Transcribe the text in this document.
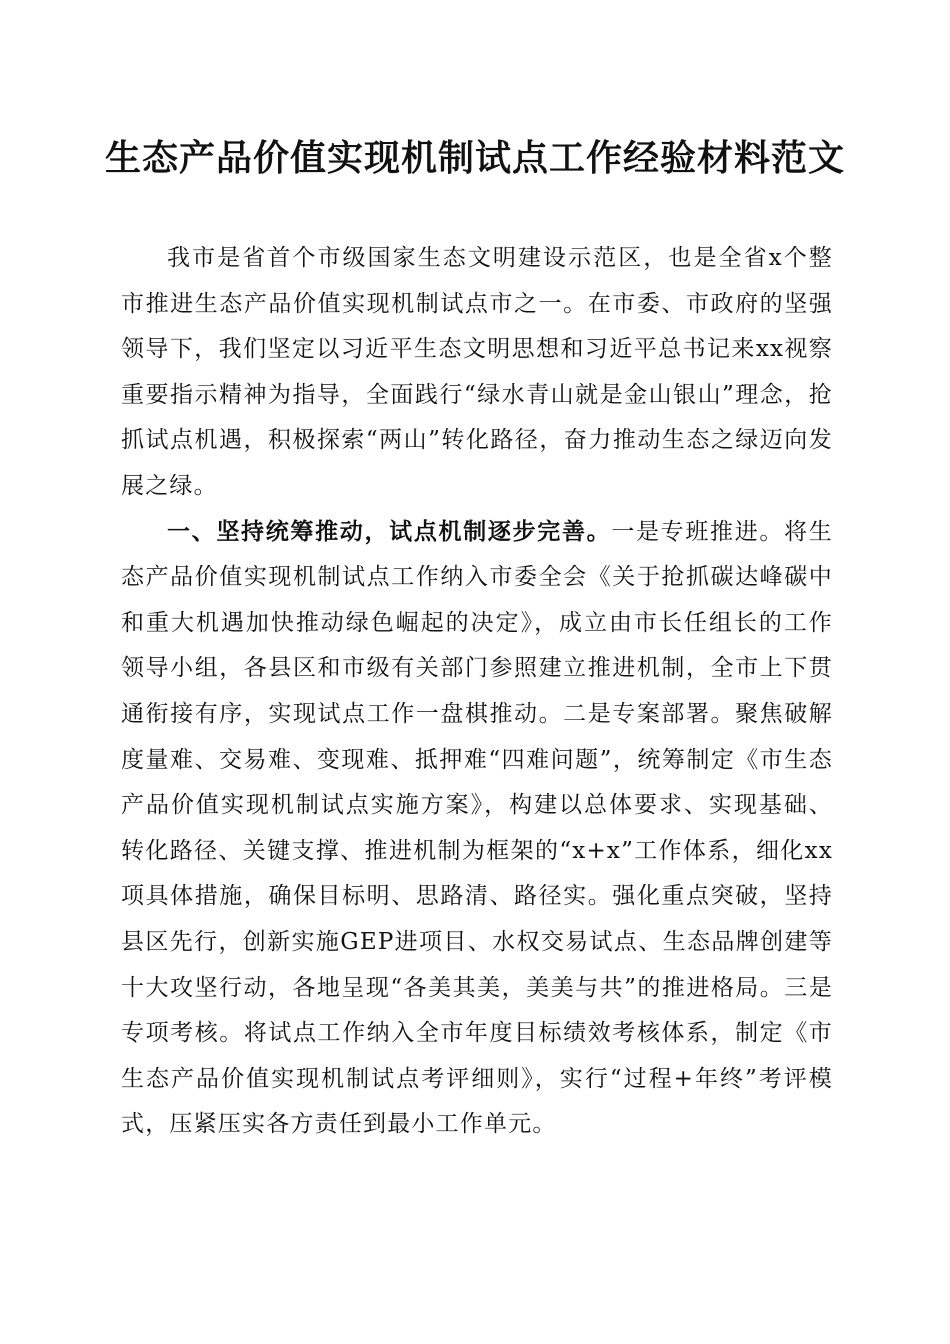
生态产品价值实现机制试点工作经验材料范文

我市是省首个市级国家生态文明建设示范区，也是全省x个整市推进生态产品价值实现机制试点市之一。在市委、市政府的坚强领导下，我们坚定以习近平生态文明思想和习近平总书记来xx视察重要指示精神为指导，全面践行“绿水青山就是金山银山”理念，抢抓试点机遇，积极探索“两山”转化路径，奋力推动生态之绿迈向发展之绿。

一、坚持统筹推动，试点机制逐步完善。一是专班推进。将生态产品价值实现机制试点工作纳入市委全会《关于抢抓碳达峰碳中和重大机遇加快推动绿色崛起的决定》，成立由市长任组长的工作领导小组，各县区和市级有关部门参照建立推进机制，全市上下贯通衔接有序，实现试点工作一盘棋推动。二是专案部署。聚焦破解度量难、交易难、变现难、抵押难“四难问题”，统筹制定《市生态产品价值实现机制试点实施方案》，构建以总体要求、实现基础、转化路径、关键支撑、推进机制为框架的“x+x”工作体系，细化xx项具体措施，确保目标明、思路清、路径实。强化重点突破，坚持县区先行，创新实施GEP进项目、水权交易试点、生态品牌创建等十大攻坚行动，各地呈现“各美其美，美美与共”的推进格局。三是专项考核。将试点工作纳入全市年度目标绩效考核体系，制定《市生态产品价值实现机制试点考评细则》，实行“过程+年终”考评模式，压紧压实各方责任到最小工作单元。
